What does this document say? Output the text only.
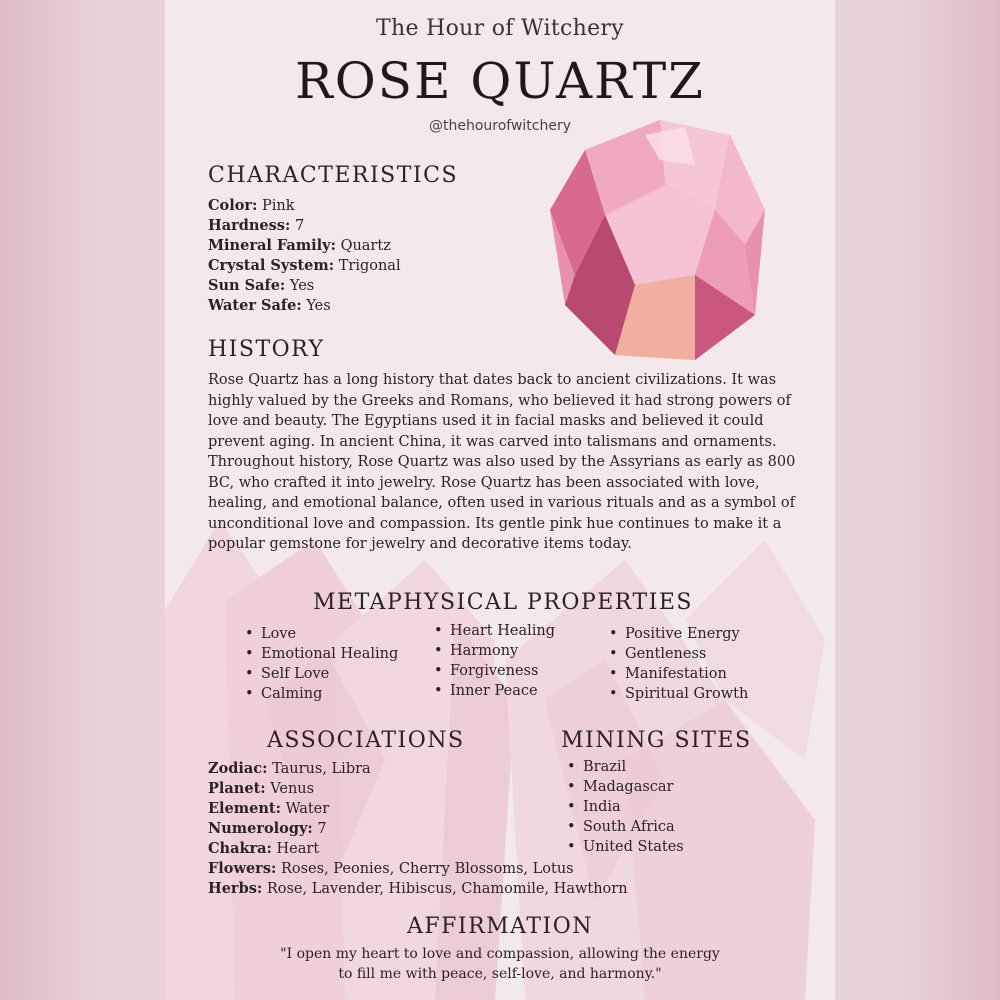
The Hour of Witchery
ROSE QUARTZ
@thehourofwitchery
CHARACTERISTICS
Color: Pink
Hardness: 7
Mineral Family: Quartz
Crystal System: Trigonal
Sun Safe: Yes
Water Safe: Yes
HISTORY
Rose Quartz has a long history that dates back to ancient civilizations. It was highly valued by the Greeks and Romans, who believed it had strong powers of love and beauty. The Egyptians used it in facial masks and believed it could prevent aging. In ancient China, it was carved into talismans and ornaments. Throughout history, Rose Quartz was also used by the Assyrians as early as 800 BC, who crafted it into jewelry. Rose Quartz has been associated with love, healing, and emotional balance, often used in various rituals and as a symbol of unconditional love and compassion. Its gentle pink hue continues to make it a popular gemstone for jewelry and decorative items today.
METAPHYSICAL PROPERTIES
• Love
• Emotional Healing
• Self Love
• Calming
• Heart Healing
• Harmony
• Forgiveness
• Inner Peace
• Positive Energy
• Gentleness
• Manifestation
• Spiritual Growth
ASSOCIATIONS
Zodiac: Taurus, Libra
Planet: Venus
Element: Water
Numerology: 7
Chakra: Heart
Flowers: Roses, Peonies, Cherry Blossoms, Lotus
Herbs: Rose, Lavender, Hibiscus, Chamomile, Hawthorn
MINING SITES
• Brazil
• Madagascar
• India
• South Africa
• United States
AFFIRMATION
"I open my heart to love and compassion, allowing the energy
to fill me with peace, self-love, and harmony."
